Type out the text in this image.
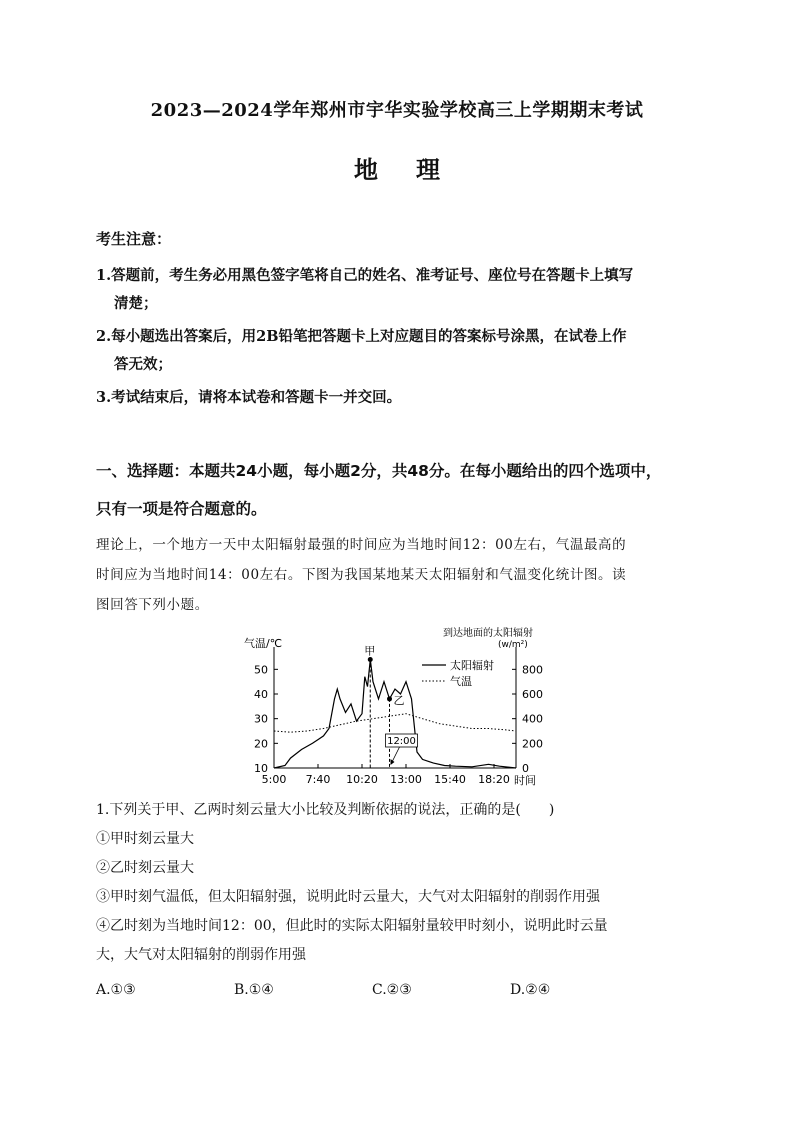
2023—2024学年郑州市宇华实验学校高三上学期期末考试
地理
考生注意：
1.答题前，考生务必用黑色签字笔将自己的姓名、准考证号、座位号在答题卡上填写
清楚；
2.每小题选出答案后，用2B铅笔把答题卡上对应题目的答案标号涂黑，在试卷上作
答无效；
3.考试结束后，请将本试卷和答题卡一并交回。
一、选择题：本题共24小题，每小题2分，共48分。在每小题给出的四个选项中，
只有一项是符合题意的。
理论上，一个地方一天中太阳辐射最强的时间应为当地时间12：00左右，气温最高的
时间应为当地时间14：00左右。下图为我国某地某天太阳辐射和气温变化统计图。读
图回答下列小题。
气温/℃
到达地面的太阳辐射
(w/m²)
时间
10
20
30
40
50
0
200
400
600
800
5:00 7:40 10:20 13:00 15:40 18:20
太阳辐射
气温
甲
乙
12:00
1.下列关于甲、乙两时刻云量大小比较及判断依据的说法，正确的是(　　)
①甲时刻云量大
②乙时刻云量大
③甲时刻气温低，但太阳辐射强，说明此时云量大，大气对太阳辐射的削弱作用强
④乙时刻为当地时间12：00，但此时的实际太阳辐射量较甲时刻小，说明此时云量
大，大气对太阳辐射的削弱作用强
A.①③	B.①④	C.②③	D.②④
